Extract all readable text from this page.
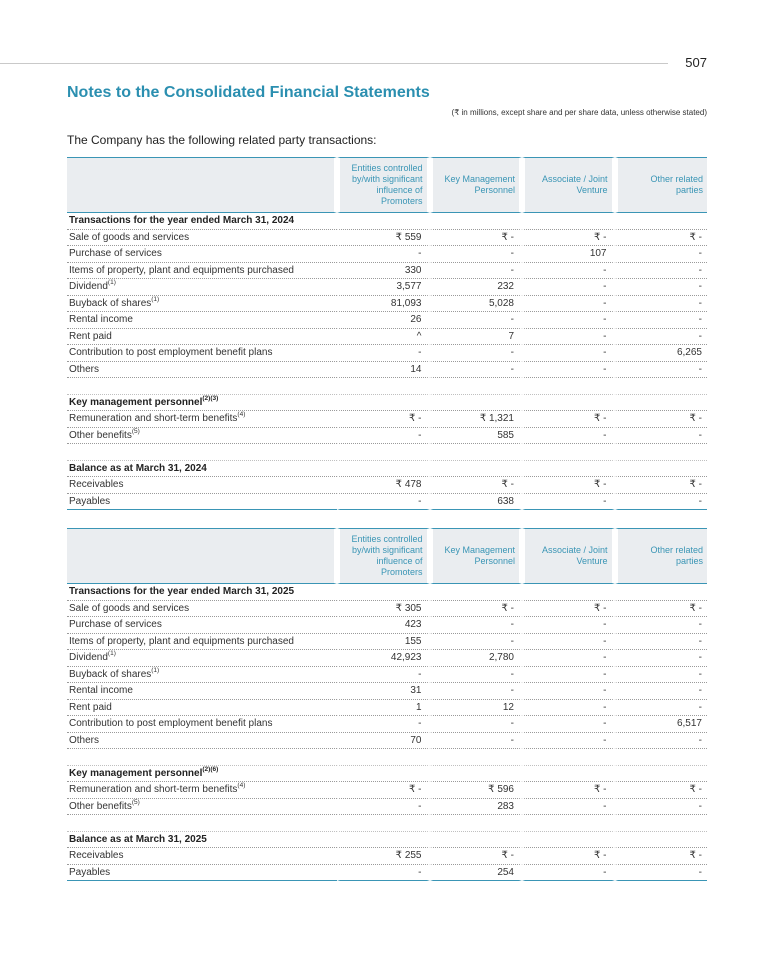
507
Notes to the Consolidated Financial Statements
(₹ in millions, except share and per share data, unless otherwise stated)
The Company has the following related party transactions:
	Entities controlled by/with significant influence of Promoters	Key Management Personnel	Associate / Joint Venture	Other related parties
Transactions for the year ended March 31, 2024				
Sale of goods and services	₹ 559	₹ -	₹ -	₹ -
Purchase of services	-	-	107	-
Items of property, plant and equipments purchased	330	-	-	-
Dividend$^{(1)}$	3,577	232	-	-
Buyback of shares$^{(1)}$	81,093	5,028	-	-
Rental income	26	-	-	-
Rent paid	^	7	-	-
Contribution to post employment benefit plans	-	-	-	6,265
Others	14	-	-	-

Key management personnel$^{(2)(3)}$				
Remuneration and short-term benefits$^{(4)}$	₹ -	₹ 1,321	₹ -	₹ -
Other benefits$^{(5)}$	-	585	-	-

Balance as at March 31, 2024				
Receivables	₹ 478	₹ -	₹ -	₹ -
Payables	-	638	-	-
	Entities controlled by/with significant influence of Promoters	Key Management Personnel	Associate / Joint Venture	Other related parties
Transactions for the year ended March 31, 2025				
Sale of goods and services	₹ 305	₹ -	₹ -	₹ -
Purchase of services	423	-	-	-
Items of property, plant and equipments purchased	155	-	-	-
Dividend$^{(1)}$	42,923	2,780	-	-
Buyback of shares$^{(1)}$	-	-	-	-
Rental income	31	-	-	-
Rent paid	1	12	-	-
Contribution to post employment benefit plans	-	-	-	6,517
Others	70	-	-	-

Key management personnel$^{(2)(6)}$				
Remuneration and short-term benefits$^{(4)}$	₹ -	₹ 596	₹ -	₹ -
Other benefits$^{(5)}$	-	283	-	-

Balance as at March 31, 2025				
Receivables	₹ 255	₹ -	₹ -	₹ -
Payables	-	254	-	-
